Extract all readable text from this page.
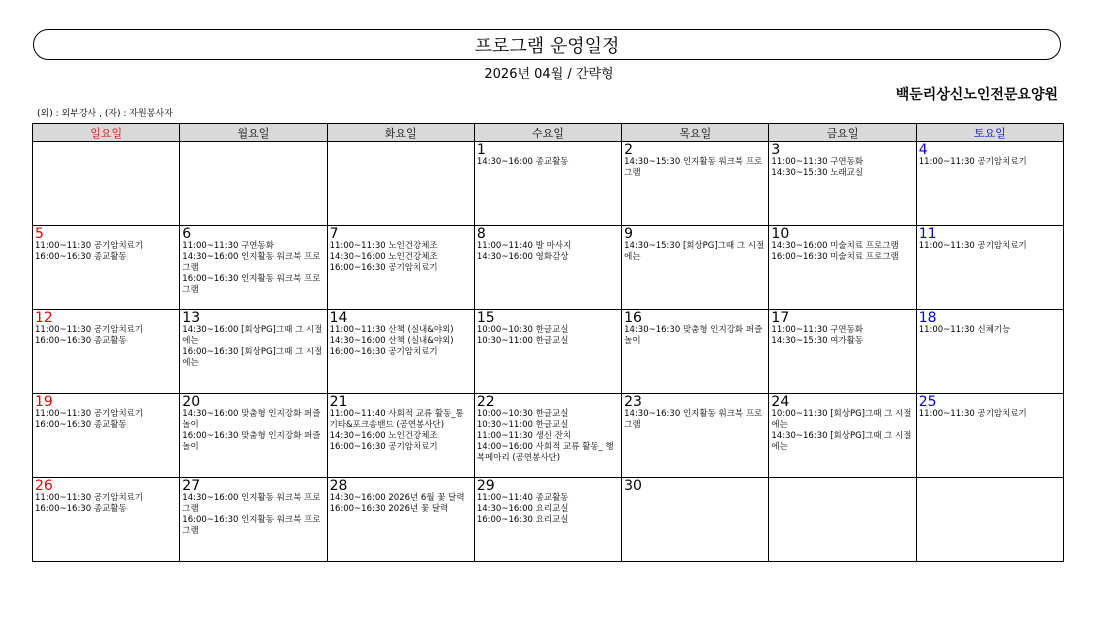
프로그램 운영일정
2026년 04월 / 간략형
백둔리상신노인전문요양원
(외) : 외부강사 , (자) : 자원봉사자
일요일	월요일	화요일	수요일	목요일	금요일	토요일

			1
14:30~16:00 종교활동	2
14:30~15:30 인지활동 워크북 프로그램	3
11:00~11:30 구연동화
14:30~15:30 노래교실	4
11:00~11:30 공기암치료기

5
11:00~11:30 공기암치료기
16:00~16:30 종교활동	6
11:00~11:30 구연동화
14:30~16:00 인지활동 워크북 프로그램
16:00~16:30 인지활동 워크북 프로그램	7
11:00~11:30 노인건강체조
14:30~16:00 노인건강체조
16:00~16:30 공기암치료기	8
11:00~11:40 발 마사지
14:30~16:00 영화감상	9
14:30~15:30 [회상PG]그때 그 시절에는	10
14:30~16:00 미술치료 프로그램
16:00~16:30 미술치료 프로그램	11
11:00~11:30 공기암치료기

12
11:00~11:30 공기암치료기
16:00~16:30 종교활동	13
14:30~16:00 [회상PG]그때 그 시절에는
16:00~16:30 [회상PG]그때 그 시절에는	14
11:00~11:30 산책 (실내&야외)
14:30~16:00 산책 (실내&야외)
16:00~16:30 공기암치료기	15
10:00~10:30 한글교실
10:30~11:00 한글교실	16
14:30~16:30 맞춤형 인지강화 퍼즐놀이	17
11:00~11:30 구연동화
14:30~15:30 여가활동	18
11:00~11:30 신체기능

19
11:00~11:30 공기암치료기
16:00~16:30 종교활동	20
14:30~16:00 맞춤형 인지강화 퍼즐놀이
16:00~16:30 맞춤형 인지강화 퍼즐놀이	21
11:00~11:40 사회적 교류 활동_통기타&포크송밴드 (공연봉사단)
14:30~16:00 노인건강체조
16:00~16:30 공기암치료기	22
10:00~10:30 한글교실
10:30~11:00 한글교실
11:00~11:30 생신 잔치
14:00~16:00 사회적 교류 활동_ 행복메아리 (공연봉사단)	23
14:30~16:30 인지활동 워크북 프로그램	24
10:00~11:30 [회상PG]그때 그 시절에는
14:30~16:30 [회상PG]그때 그 시절에는	25
11:00~11:30 공기암치료기

26
11:00~11:30 공기암치료기
16:00~16:30 종교활동	27
14:30~16:00 인지활동 워크북 프로그램
16:00~16:30 인지활동 워크북 프로그램	28
14:30~16:00 2026년 6월 꽃 달력
16:00~16:30 2026년 꽃 달력	29
11:00~11:40 종교활동
14:30~16:00 요리교실
16:00~16:30 요리교실	30		
